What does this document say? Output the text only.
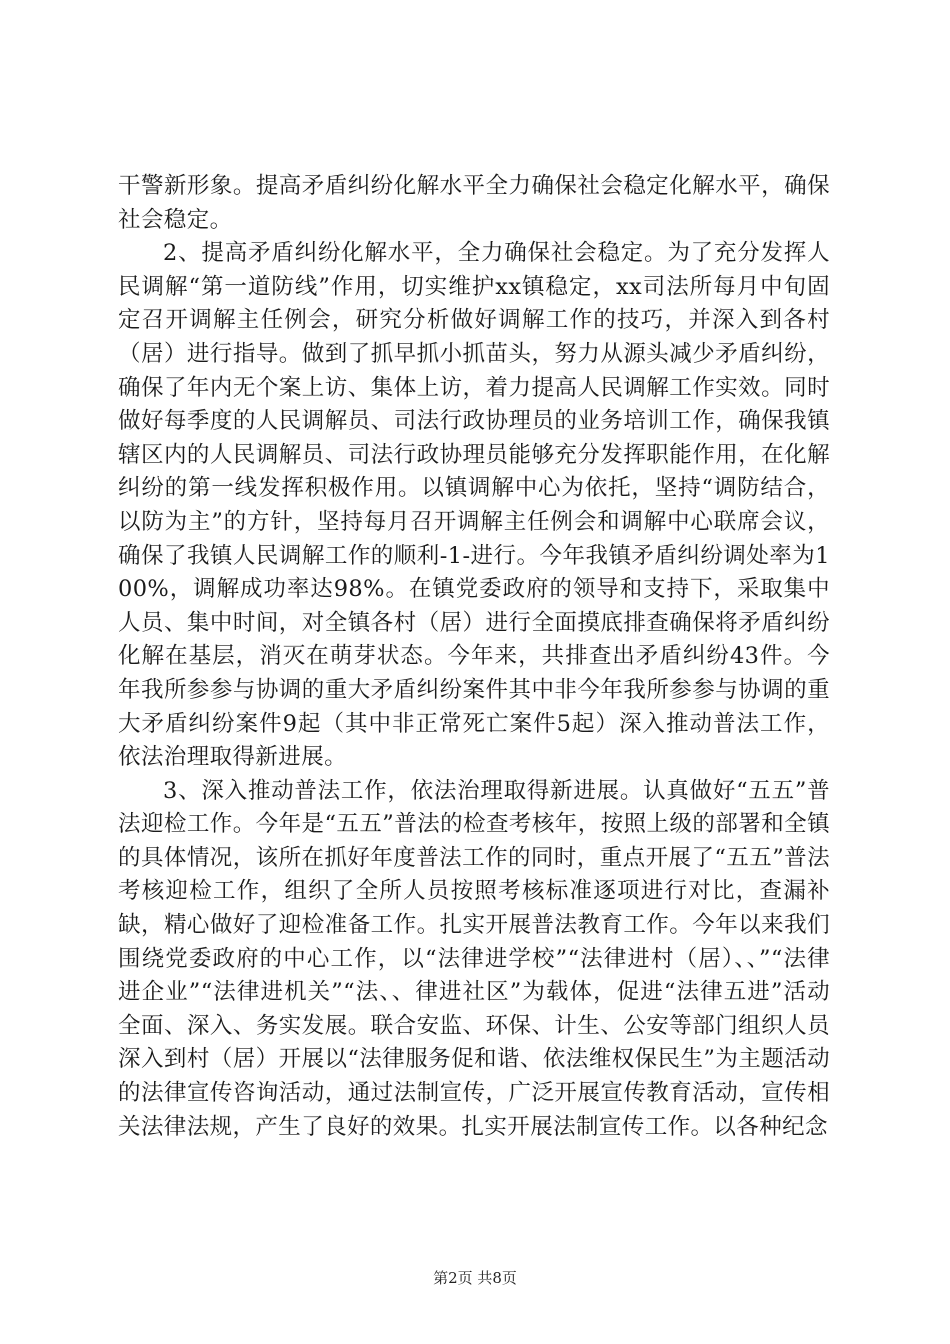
干警新形象。提高矛盾纠纷化解水平全力确保社会稳定化解水平，确保社会稳定。

2、提高矛盾纠纷化解水平，全力确保社会稳定。为了充分发挥人民调解“第一道防线”作用，切实维护xx镇稳定，xx司法所每月中旬固定召开调解主任例会，研究分析做好调解工作的技巧，并深入到各村（居）进行指导。做到了抓早抓小抓苗头，努力从源头减少矛盾纠纷，确保了年内无个案上访、集体上访，着力提高人民调解工作实效。同时做好每季度的人民调解员、司法行政协理员的业务培训工作，确保我镇辖区内的人民调解员、司法行政协理员能够充分发挥职能作用，在化解纠纷的第一线发挥积极作用。以镇调解中心为依托，坚持“调防结合，以防为主”的方针，坚持每月召开调解主任例会和调解中心联席会议，确保了我镇人民调解工作的顺利-1-进行。今年我镇矛盾纠纷调处率为100%，调解成功率达98%。在镇党委政府的领导和支持下，采取集中人员、集中时间，对全镇各村（居）进行全面摸底排查确保将矛盾纠纷化解在基层，消灭在萌芽状态。今年来，共排查出矛盾纠纷43件。今年我所参参与协调的重大矛盾纠纷案件其中非今年我所参参与协调的重大矛盾纠纷案件9起（其中非正常死亡案件5起）深入推动普法工作，依法治理取得新进展。

3、深入推动普法工作，依法治理取得新进展。认真做好“五五”普法迎检工作。今年是“五五”普法的检查考核年，按照上级的部署和全镇的具体情况，该所在抓好年度普法工作的同时，重点开展了“五五”普法考核迎检工作，组织了全所人员按照考核标准逐项进行对比，查漏补缺，精心做好了迎检准备工作。扎实开展普法教育工作。今年以来我们围绕党委政府的中心工作，以“法律进学校”“法律进村（居）、、”“法律进企业”“法律进机关”“法、、律进社区”为载体，促进“法律五进”活动全面、深入、务实发展。联合安监、环保、计生、公安等部门组织人员深入到村（居）开展以“法律服务促和谐、依法维权保民生”为主题活动的法律宣传咨询活动，通过法制宣传，广泛开展宣传教育活动，宣传相关法律法规，产生了良好的效果。扎实开展法制宣传工作。以各种纪念

第2页 共8页
